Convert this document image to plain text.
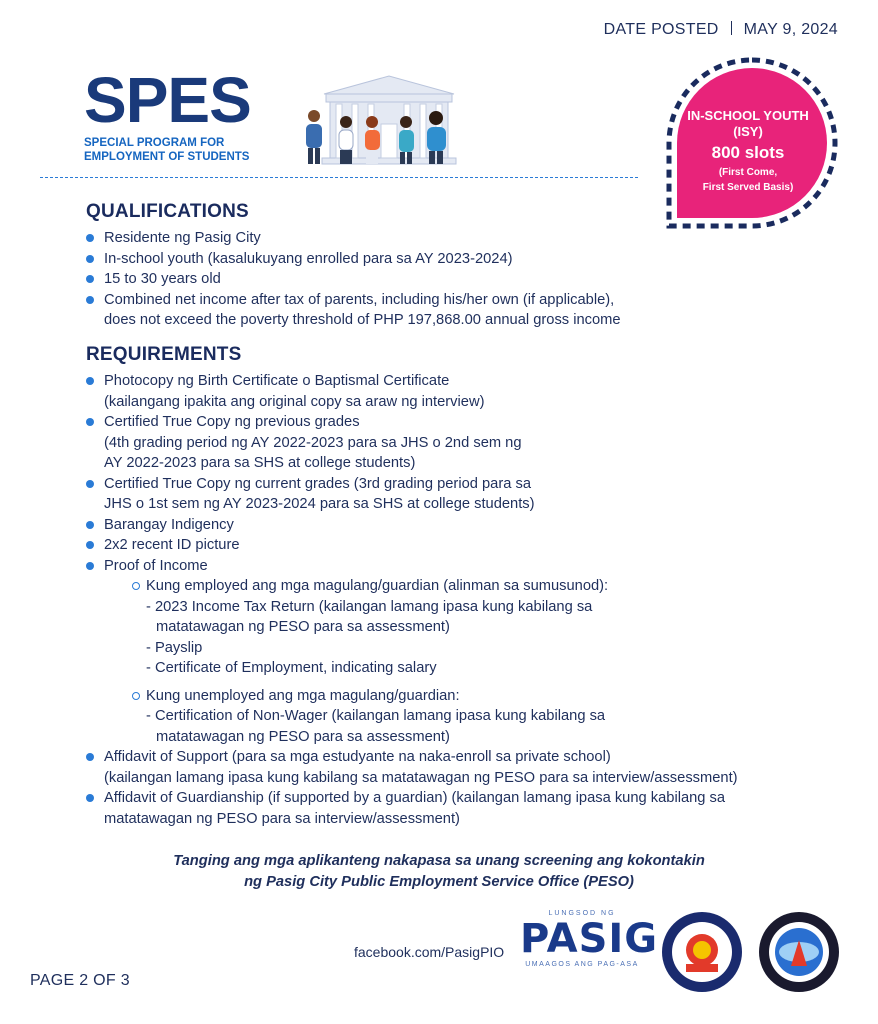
DATE POSTED MAY 9, 2024
SPES
SPECIAL PROGRAM FOR
EMPLOYMENT OF STUDENTS
IN-SCHOOL YOUTH
(ISY)
800 slots
(First Come,
First Served Basis)
QUALIFICATIONS
Residente ng Pasig City
In-school youth (kasalukuyang enrolled para sa AY 2023-2024)
15 to 30 years old
Combined net income after tax of parents, including his/her own (if applicable),
does not exceed the poverty threshold of PHP 197,868.00 annual gross income
REQUIREMENTS
Photocopy ng Birth Certificate o Baptismal Certificate
(kailangang ipakita ang original copy sa araw ng interview)
Certified True Copy ng previous grades
(4th grading period ng AY 2022-2023 para sa JHS o 2nd sem ng
AY 2022-2023 para sa SHS at college students)
Certified True Copy ng current grades (3rd grading period para sa
JHS o 1st sem ng AY 2023-2024 para sa SHS at college students)
Barangay Indigency
2x2 recent ID picture
Proof of Income
Kung employed ang mga magulang/guardian (alinman sa sumusunod):
- 2023 Income Tax Return (kailangan lamang ipasa kung kabilang sa
matatawagan ng PESO para sa assessment)
- Payslip
- Certificate of Employment, indicating salary
Kung unemployed ang mga magulang/guardian:
- Certification of Non-Wager (kailangan lamang ipasa kung kabilang sa
matatawagan ng PESO para sa assessment)
Affidavit of Support (para sa mga estudyante na naka-enroll sa private school)
(kailangan lamang ipasa kung kabilang sa matatawagan ng PESO para sa interview/assessment)
Affidavit of Guardianship (if supported by a guardian) (kailangan lamang ipasa kung kabilang sa
matatawagan ng PESO para sa interview/assessment)
Tanging ang mga aplikanteng nakapasa sa unang screening ang kokontakin
ng Pasig City Public Employment Service Office (PESO)
facebook.com/PasigPIO
PAGE 2 OF 3
LUNGSOD NG
PASIG
UMAAGOS ANG PAG-ASA
